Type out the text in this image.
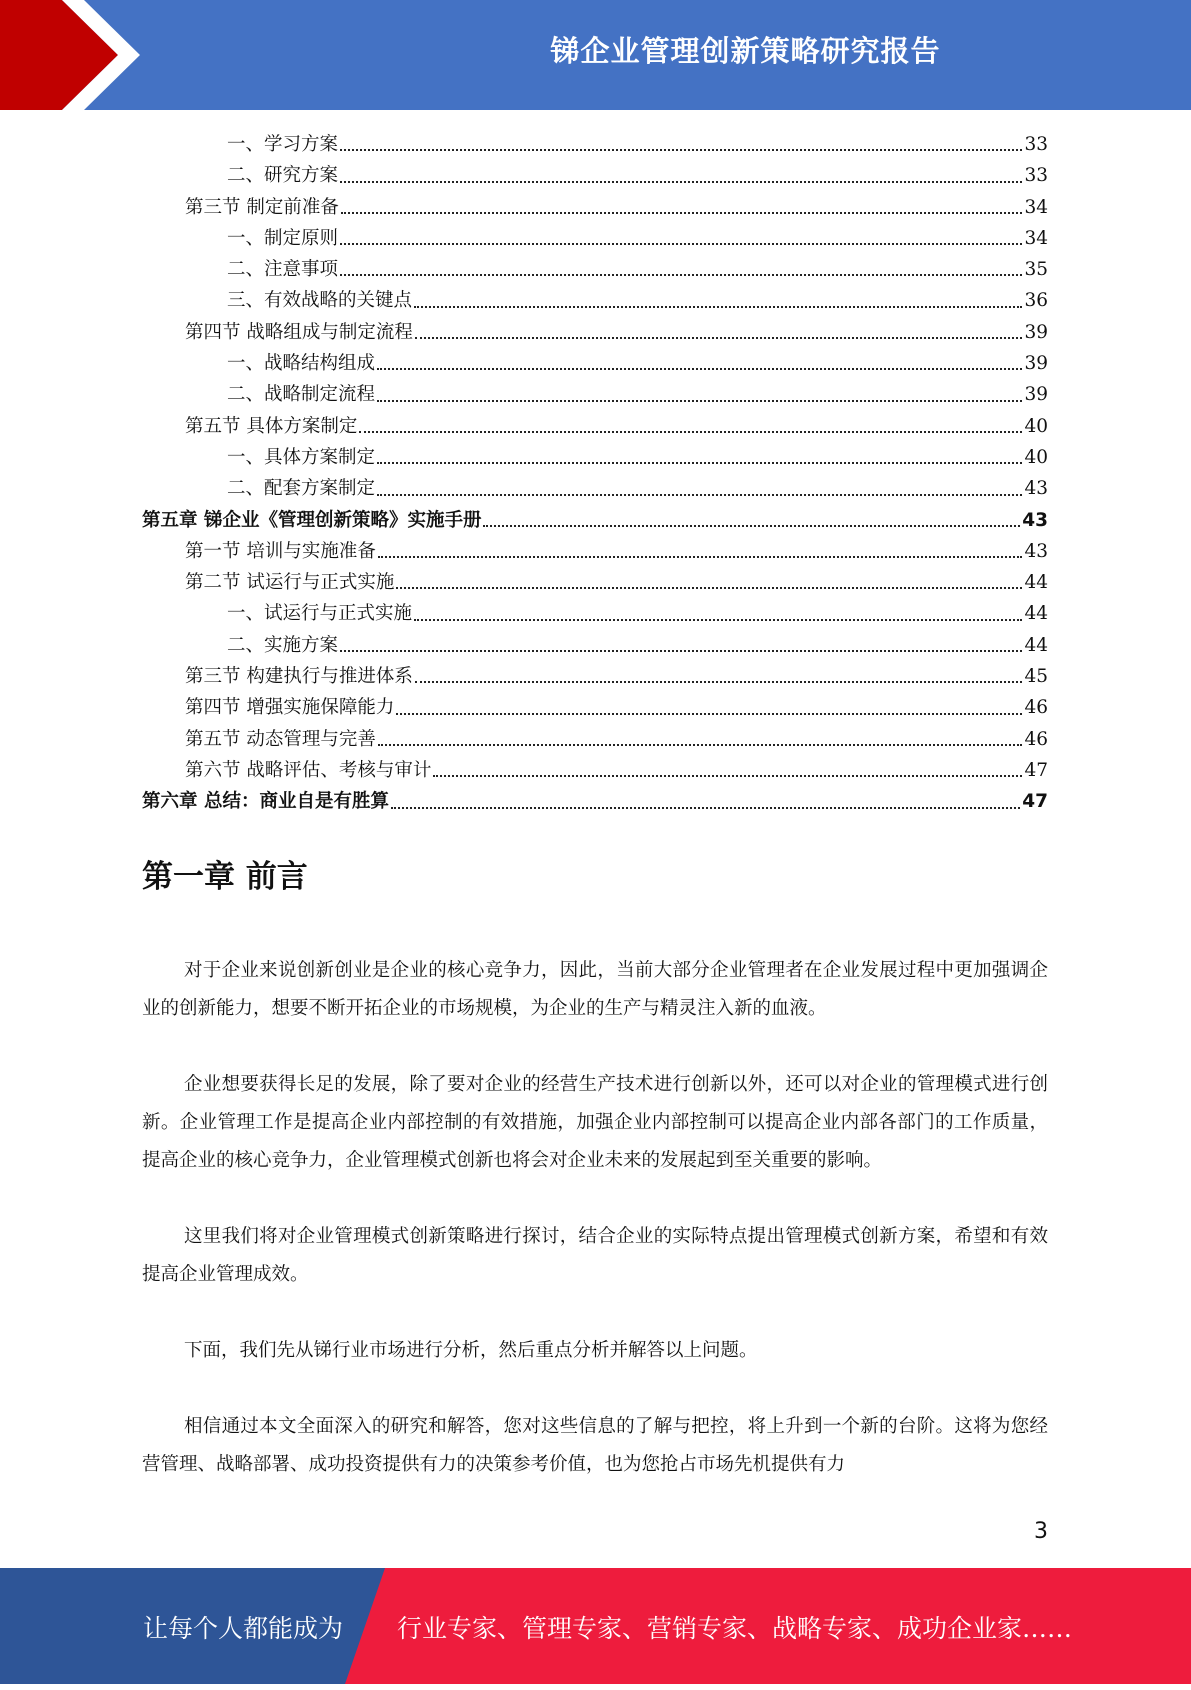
锑企业管理创新策略研究报告
一、学习方案	33
二、研究方案	33
第三节 制定前准备	34
一、制定原则	34
二、注意事项	35
三、有效战略的关键点	36
第四节 战略组成与制定流程	39
一、战略结构组成	39
二、战略制定流程	39
第五节 具体方案制定	40
一、具体方案制定	40
二、配套方案制定	43
第五章 锑企业《管理创新策略》实施手册	43
第一节 培训与实施准备	43
第二节 试运行与正式实施	44
一、试运行与正式实施	44
二、实施方案	44
第三节 构建执行与推进体系	45
第四节 增强实施保障能力	46
第五节 动态管理与完善	46
第六节 战略评估、考核与审计	47
第六章 总结：商业自是有胜算	47
第一章 前言

对于企业来说创新创业是企业的核心竞争力，因此，当前大部分企业管理者在企业发展过程中更加强调企业的创新能力，想要不断开拓企业的市场规模，为企业的生产与精灵注入新的血液。

企业想要获得长足的发展，除了要对企业的经营生产技术进行创新以外，还可以对企业的管理模式进行创新。企业管理工作是提高企业内部控制的有效措施，加强企业内部控制可以提高企业内部各部门的工作质量，提高企业的核心竞争力，企业管理模式创新也将会对企业未来的发展起到至关重要的影响。

这里我们将对企业管理模式创新策略进行探讨，结合企业的实际特点提出管理模式创新方案，希望和有效提高企业管理成效。

下面，我们先从锑行业市场进行分析，然后重点分析并解答以上问题。

相信通过本文全面深入的研究和解答，您对这些信息的了解与把控，将上升到一个新的台阶。这将为您经营管理、战略部署、成功投资提供有力的决策参考价值，也为您抢占市场先机提供有力

3
让每个人都能成为 行业专家、管理专家、营销专家、战略专家、成功企业家……
